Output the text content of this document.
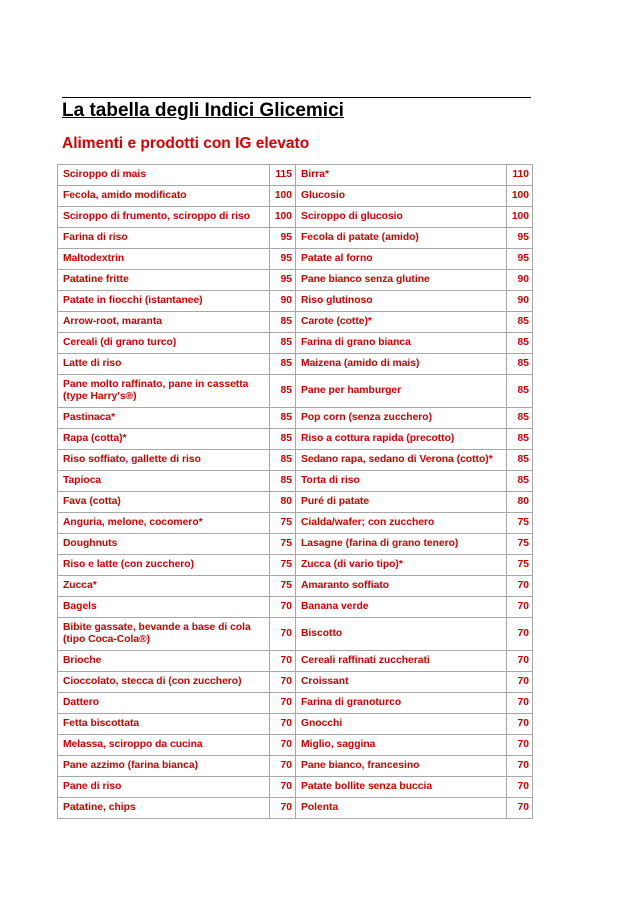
La tabella degli Indici Glicemici
Alimenti e prodotti con IG elevato
Sciroppo di mais	115	Birra*	110
Fecola, amido modificato	100	Glucosio	100
Sciroppo di frumento, sciroppo di riso	100	Sciroppo di glucosio	100
Farina di riso	95	Fecola di patate (amido)	95
Maltodextrin	95	Patate al forno	95
Patatine fritte	95	Pane bianco senza glutine	90
Patate in fiocchi (istantanee)	90	Riso glutinoso	90
Arrow-root, maranta	85	Carote (cotte)*	85
Cereali (di grano turco)	85	Farina di grano bianca	85
Latte di riso	85	Maizena (amido di mais)	85
Pane molto raffinato, pane in cassetta (type Harry's®)	85	Pane per hamburger	85
Pastinaca*	85	Pop corn (senza zucchero)	85
Rapa (cotta)*	85	Riso a cottura rapida (precotto)	85
Riso soffiato, gallette di riso	85	Sedano rapa, sedano di Verona (cotto)*	85
Tapioca	85	Torta di riso	85
Fava (cotta)	80	Puré di patate	80
Anguria, melone, cocomero*	75	Cialda/wafer; con zucchero	75
Doughnuts	75	Lasagne (farina di grano tenero)	75
Riso e latte (con zucchero)	75	Zucca (di vario tipo)*	75
Zucca*	75	Amaranto soffiato	70
Bagels	70	Banana verde	70
Bibite gassate, bevande a base di cola (tipo Coca-Cola®)	70	Biscotto	70
Brioche	70	Cereali raffinati zuccherati	70
Cioccolato, stecca di (con zucchero)	70	Croissant	70
Dattero	70	Farina di granoturco	70
Fetta biscottata	70	Gnocchi	70
Melassa, sciroppo da cucina	70	Miglio, saggina	70
Pane azzimo (farina bianca)	70	Pane bianco, francesino	70
Pane di riso	70	Patate bollite senza buccia	70
Patatine, chips	70	Polenta	70
